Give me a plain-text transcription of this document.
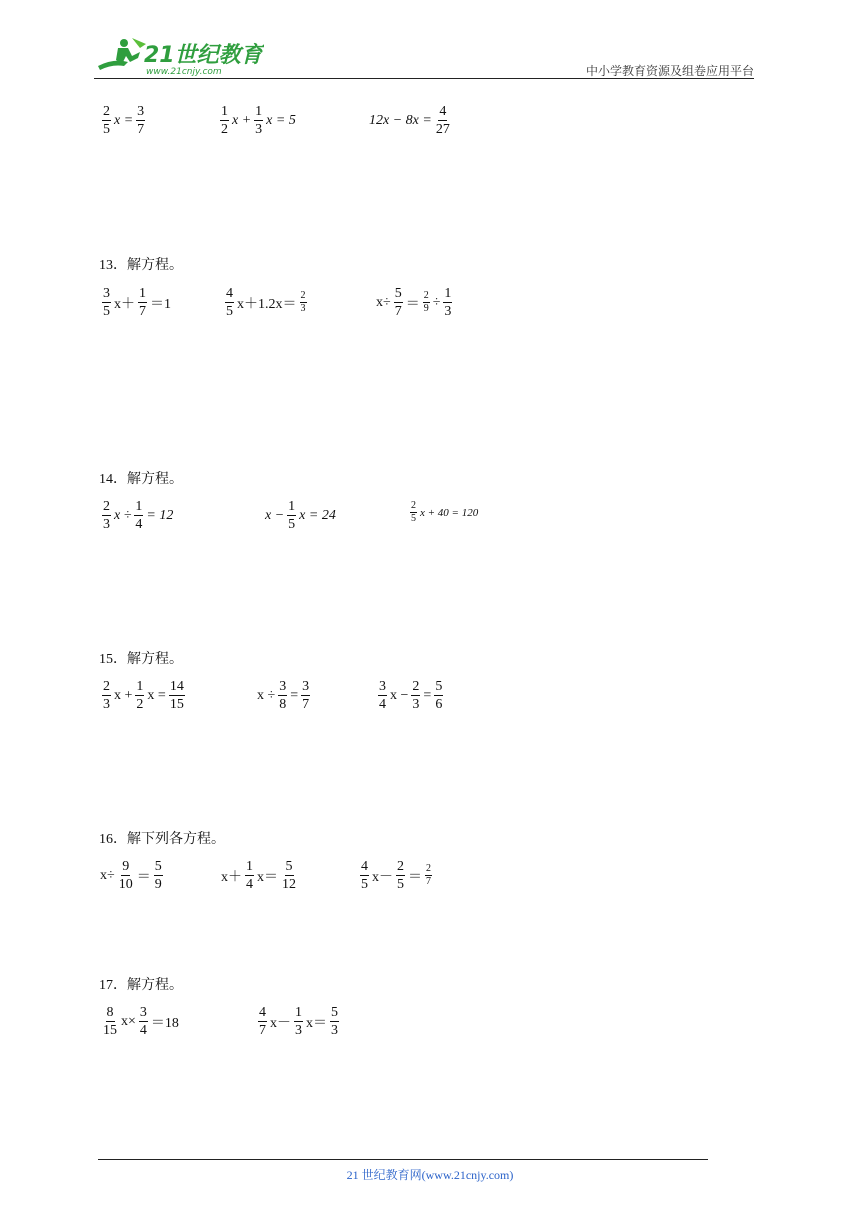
21世纪教育
www.21cnjy.com	中小学教育资源及组卷应用平台
$\frac{2}{5}$ $x = \frac{3}{7}$	$\frac{1}{2}$ $x + \frac{1}{3}$ x = 5	$12x - 8x = \frac{4}{27}$
13．解方程。
$\frac{3}{5} x+ \frac{1}{7} =1$	$\frac{4}{5} x+1.2x= \frac{2}{3}$	$x\div \frac{5}{7} = \frac{2}{9} \div \frac{1}{3}$
14．解方程。
$\frac{2}{3}$ $x \div \frac{1}{4} = 12$	$x - \frac{1}{5}$ x = 24	$\frac{2}{5}$ x + 40 = 120
15．解方程。
$\frac{2}{3}$ $x + \frac{1}{2}$ $x = \frac{14}{15}$	$x \div \frac{3}{8} = \frac{3}{7}$	$\frac{3}{4}$ $x - \frac{2}{3} = \frac{5}{6}$
16．解下列各方程。
$x\div \frac{9}{10} = \frac{5}{9}$	$x+ \frac{1}{4} x= \frac{5}{12}$	$\frac{4}{5} x- \frac{2}{5} = \frac{2}{7}$
17．解方程。
$\frac{8}{15} x\times \frac{3}{4} =18$	$\frac{4}{7} x- \frac{1}{3} x= \frac{5}{3}$
21 世纪教育网(www.21cnjy.com)
